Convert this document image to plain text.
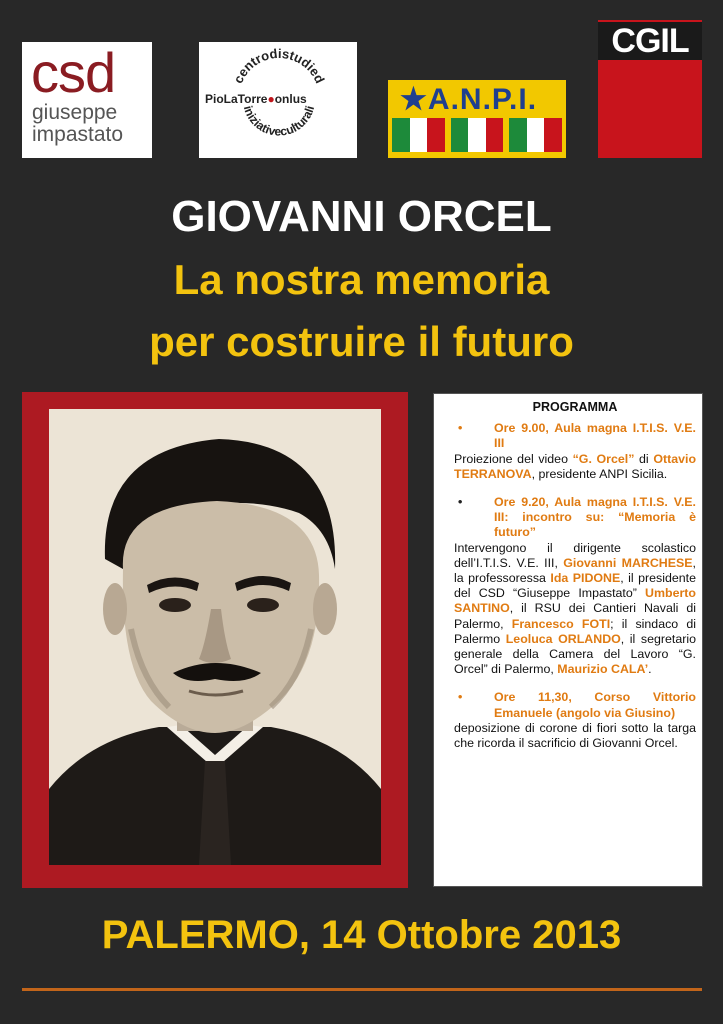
csd
giuseppe
impastato
centrodistudied
iniziativeculturali
PioLaTorre●onlus	★A.N.P.I.
CGIL
GIOVANNI ORCEL
La nostra memoria
per costruire il futuro
PROGRAMMA
•	Ore 9.00, Aula magna I.T.I.S. V.E. III
Proiezione del video “G. Orcel” di Ottavio TERRANOVA, presidente ANPI Sicilia.
•	Ore 9.20, Aula magna I.T.I.S. V.E. III: incontro su: “Memoria è futuro”
Intervengono il dirigente scolastico dell’I.T.I.S. V.E. III, Giovanni MARCHESE, la professoressa Ida PIDONE, il presidente del CSD “Giuseppe Impastato” Umberto SANTINO, il RSU dei Cantieri Navali di Palermo, Francesco FOTI; il sindaco di Palermo Leoluca ORLANDO, il segretario generale della Camera del Lavoro “G. Orcel” di Palermo, Maurizio CALA’.
•	Ore 11,30, Corso Vittorio Emanuele (angolo via Giusino)
deposizione di corone di fiori sotto la targa che ricorda il sacrificio di Giovanni Orcel.
PALERMO, 14 Ottobre 2013
